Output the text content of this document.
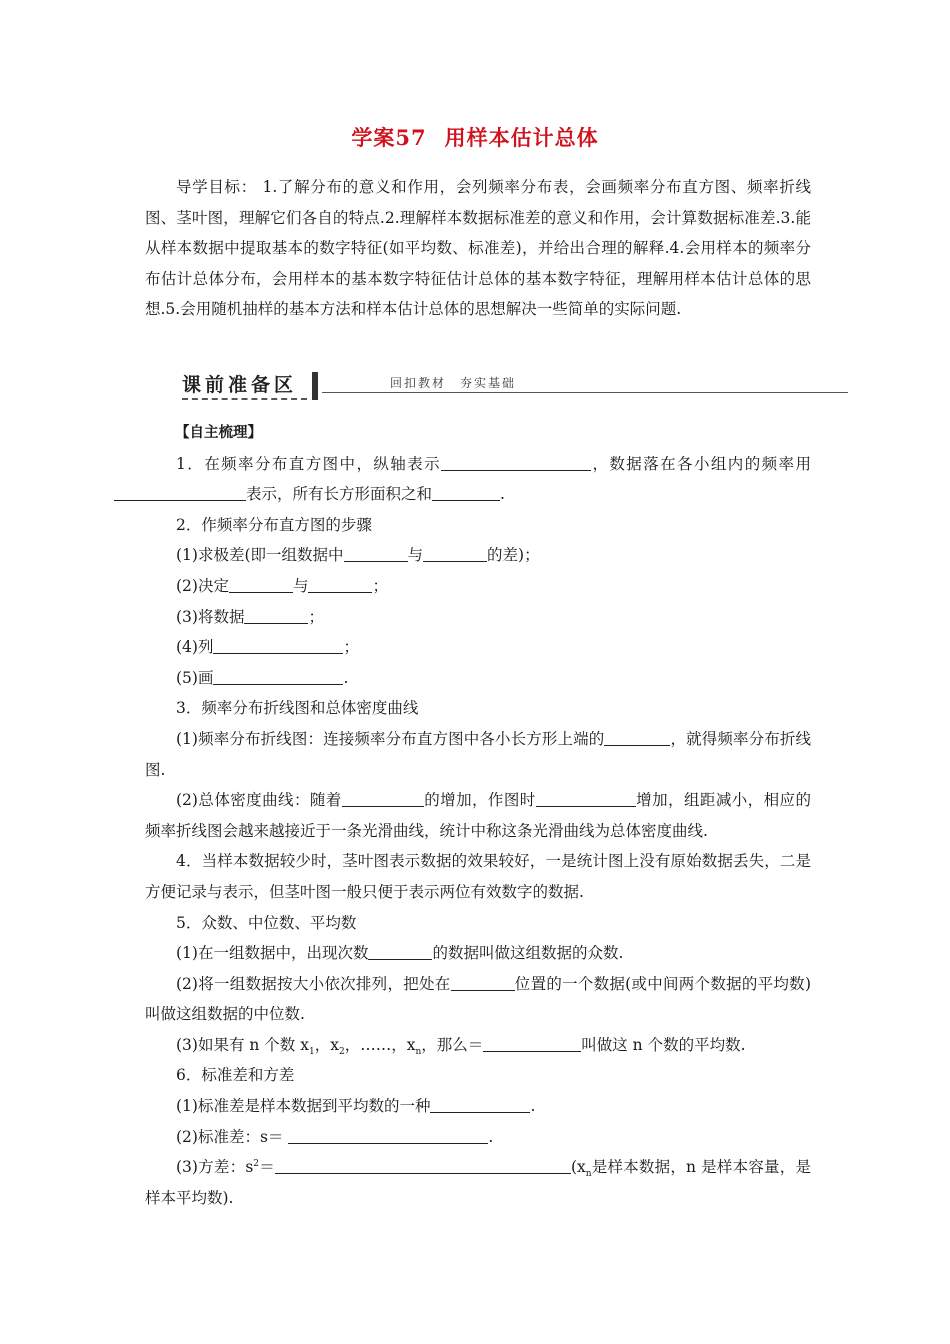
学案57 用样本估计总体

导学目标： 1.了解分布的意义和作用，会列频率分布表，会画频率分布直方图、频率折线图、茎叶图，理解它们各自的特点.2.理解样本数据标准差的意义和作用，会计算数据标准差.3.能从样本数据中提取基本的数字特征(如平均数、标准差)，并给出合理的解释.4.会用样本的频率分布估计总体分布，会用样本的基本数字特征估计总体的基本数字特征，理解用样本估计总体的思想.5.会用随机抽样的基本方法和样本估计总体的思想解决一些简单的实际问题.

课前准备区	回扣教材 夯实基础

【自主梳理】

1．在频率分布直方图中，纵轴表示	，数据落在各小组内的频率用表示，所有长方形面积之和	.

2．作频率分布直方图的步骤

(1)求极差(即一组数据中	与	的差)；

(2)决定	与	；

(3)将数据	；

(4)列	；

(5)画	.

3．频率分布折线图和总体密度曲线

(1)频率分布折线图：连接频率分布直方图中各小长方形上端的	，就得频率分布折线图.

(2)总体密度曲线：随着	的增加，作图时	增加，组距减小，相应的频率折线图会越来越接近于一条光滑曲线，统计中称这条光滑曲线为总体密度曲线.

4．当样本数据较少时，茎叶图表示数据的效果较好，一是统计图上没有原始数据丢失，二是方便记录与表示，但茎叶图一般只便于表示两位有效数字的数据.

5．众数、中位数、平均数

(1)在一组数据中，出现次数	的数据叫做这组数据的众数.

(2)将一组数据按大小依次排列，把处在	位置的一个数据(或中间两个数据的平均数)叫做这组数据的中位数.

(3)如果有 n 个数 $x_1$，$x_2$，……，$x_n$，那么＝	叫做这 n 个数的平均数.

6．标准差和方差

(1)标准差是样本数据到平均数的一种	.

(2)标准差：s＝	.

(3)方差：$s^2=$	($x_n$是样本数据，n 是样本容量，是样本平均数).
